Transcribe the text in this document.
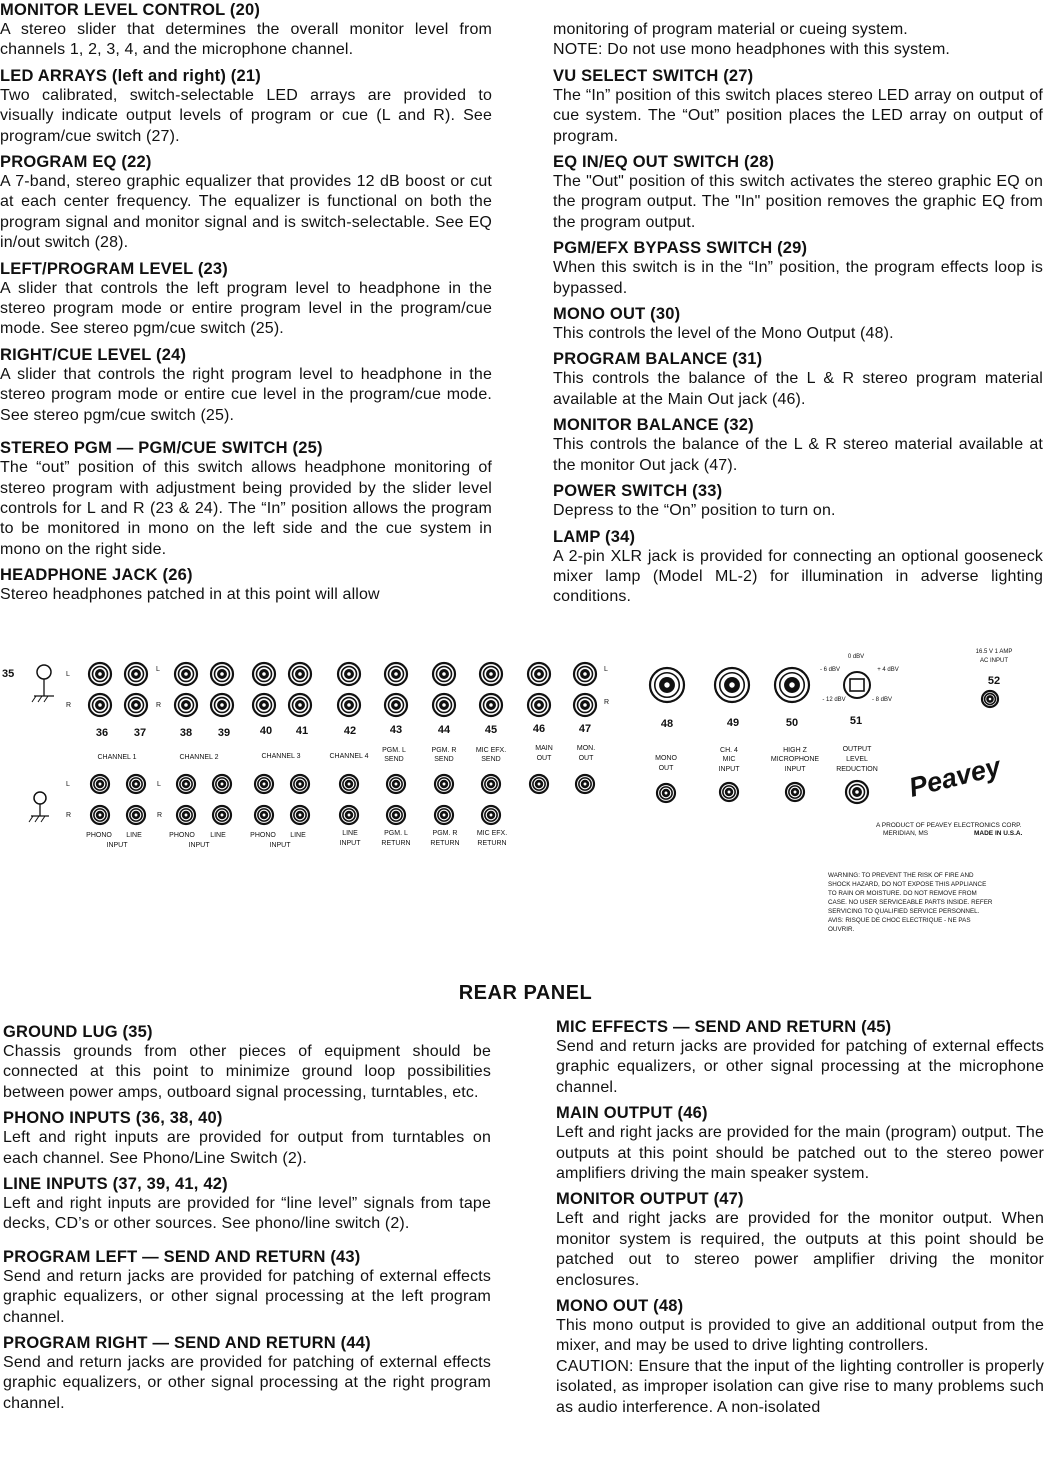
MONITOR LEVEL CONTROL (20)

A stereo slider that determines the overall monitor level from channels 1, 2, 3, 4, and the microphone channel.

LED ARRAYS (left and right) (21)

Two calibrated, switch-selectable LED arrays are provided to visually indicate output levels of program or cue (L and R). See program/cue switch (27).

PROGRAM EQ (22)

A 7-band, stereo graphic equalizer that provides 12 dB boost or cut at each center frequency. The equalizer is functional on both the program signal and monitor signal and is switch-selectable. See EQ in/out switch (28).

LEFT/PROGRAM LEVEL (23)

A slider that controls the left program level to headphone in the stereo program mode or entire program level in the program/cue mode. See stereo pgm/cue switch (25).

RIGHT/CUE LEVEL (24)

A slider that controls the right program level to headphone in the stereo program mode or entire cue level in the program/cue mode. See stereo pgm/cue switch (25).

STEREO PGM — PGM/CUE SWITCH (25)

The “out” position of this switch allows headphone monitoring of stereo program with adjustment being provided by the slider level controls for L and R (23 & 24). The “In” position allows the program to be monitored in mono on the left side and the cue system in mono on the right side.

HEADPHONE JACK (26)

Stereo headphones patched in at this point will allow

monitoring of program material or cueing system.

NOTE: Do not use mono headphones with this system.

VU SELECT SWITCH (27)

The “In” position of this switch places stereo LED array on output of cue system. The “Out” position places the LED array on output of program.

EQ IN/EQ OUT SWITCH (28)

The "Out" position of this switch activates the stereo graphic EQ on the program output. The "In" position removes the graphic EQ from the program output.

PGM/EFX BYPASS SWITCH (29)

When this switch is in the “In” position, the program effects loop is bypassed.

MONO OUT (30)

This controls the level of the Mono Output (48).

PROGRAM BALANCE (31)

This controls the balance of the L & R stereo program material available at the Main Out jack (46).

MONITOR BALANCE (32)

This controls the balance of the L & R stereo material available at the monitor Out jack (47).

POWER SWITCH (33)

Depress to the “On” position to turn on.

LAMP (34)

A 2-pin XLR jack is provided for connecting an optional gooseneck mixer lamp (Model ML-2) for illumination in adverse lighting conditions.

35	L
R
L
R
L
R
L
R
L
R
36 37	38 39	40 41	42	43	44	45	46	47
CHANNEL 1	CHANNEL 2	CHANNEL 3	CHANNEL 4
PGM. L
SEND
PGM. R
SEND
MIC EFX.
SEND
MAIN
OUT
MON.
OUT
PHONO LINE
INPUT
PHONO LINE
INPUT
PHONO LINE
INPUT
LINE
INPUT
PGM. L
RETURN
PGM. R
RETURN
MIC EFX.
RETURN
48	49	50	51
52
MONO
OUT
CH. 4
MIC
INPUT
HIGH Z
MICROPHONE
INPUT
OUTPUT
LEVEL
REDUCTION
0 dBV
- 6 dBV	+ 4 dBV
- 12 dBV	- 8 dBV
16.5 V 1 AMP
AC INPUT
Peavey
A PRODUCT OF PEAVEY ELECTRONICS CORP.
MERIDIAN, MS	MADE IN U.S.A.
WARNING: TO PREVENT THE RISK OF FIRE AND
SHOCK HAZARD, DO NOT EXPOSE THIS APPLIANCE
TO RAIN OR MOISTURE. DO NOT REMOVE FROM
CASE. NO USER SERVICEABLE PARTS INSIDE. REFER
SERVICING TO QUALIFIED SERVICE PERSONNEL.
AVIS: RISQUE DE CHOC ELECTRIQUE - NE PAS
OUVRIR.
REAR PANEL
GROUND LUG (35)

Chassis grounds from other pieces of equipment should be connected at this point to minimize ground loop possibilities between power amps, outboard signal processing, turntables, etc.

PHONO INPUTS (36, 38, 40)

Left and right inputs are provided for output from turntables on each channel. See Phono/Line Switch (2).

LINE INPUTS (37, 39, 41, 42)

Left and right inputs are provided for “line level” signals from tape decks, CD’s or other sources. See phono/line switch (2).

PROGRAM LEFT — SEND AND RETURN (43)

Send and return jacks are provided for patching of external effects graphic equalizers, or other signal processing at the left program channel.

PROGRAM RIGHT — SEND AND RETURN (44)

Send and return jacks are provided for patching of external effects graphic equalizers, or other signal processing at the right program channel.

MIC EFFECTS — SEND AND RETURN (45)

Send and return jacks are provided for patching of external effects graphic equalizers, or other signal processing at the microphone channel.

MAIN OUTPUT (46)

Left and right jacks are provided for the main (program) output. The outputs at this point should be patched out to the stereo power amplifiers driving the main speaker system.

MONITOR OUTPUT (47)

Left and right jacks are provided for the monitor output. When monitor system is required, the outputs at this point should be patched out to stereo power amplifier driving the monitor enclosures.

MONO OUT (48)

This mono output is provided to give an additional output from the mixer, and may be used to drive lighting controllers.

CAUTION: Ensure that the input of the lighting controller is properly isolated, as improper isolation can give rise to many problems such as audio interference. A non-isolated
